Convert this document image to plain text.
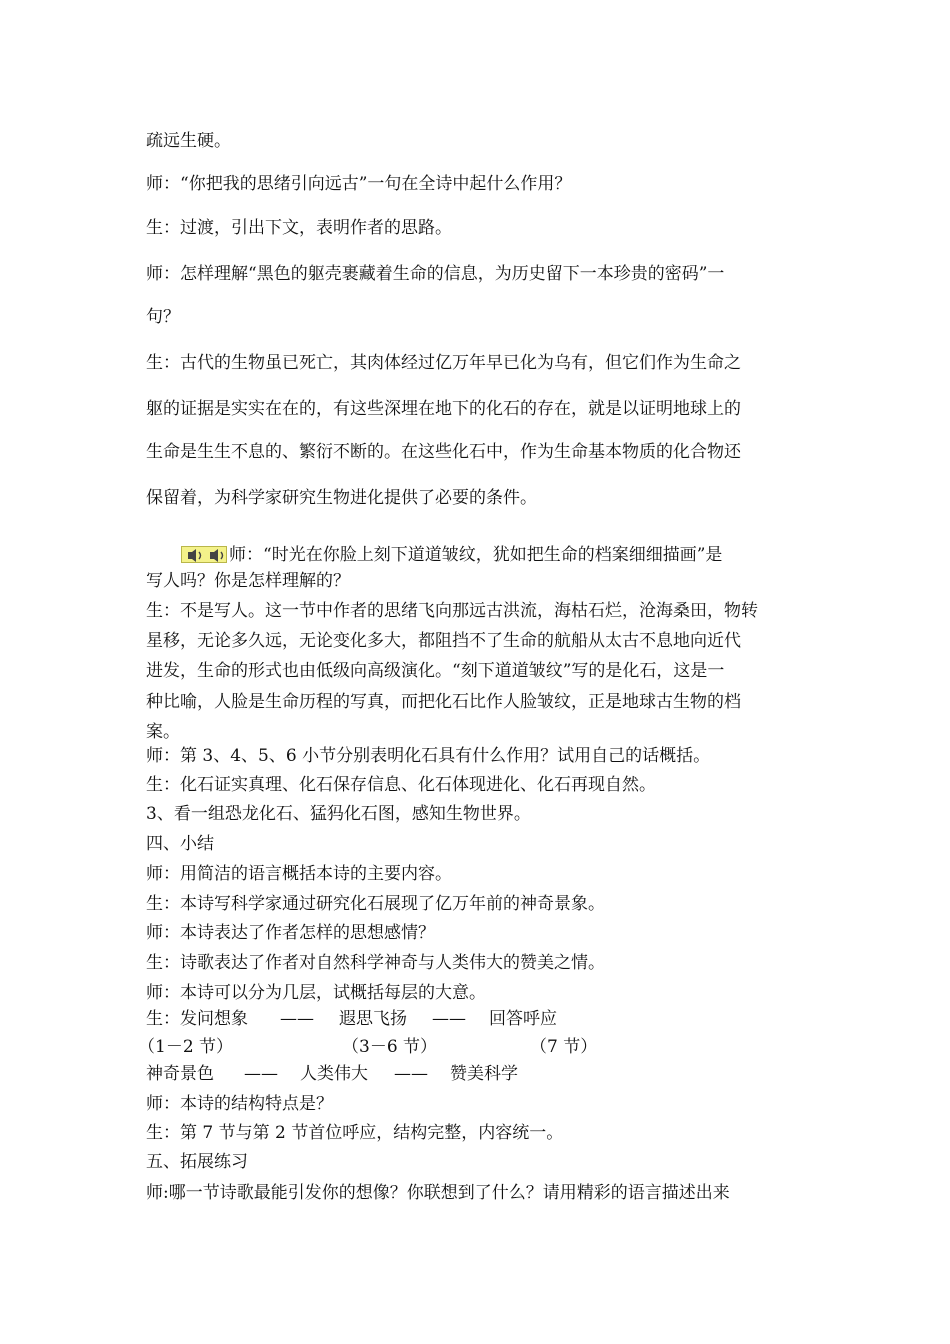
疏远生硬。
师：“你把我的思绪引向远古”一句在全诗中起什么作用？
生：过渡，引出下文，表明作者的思路。
师：怎样理解“黑色的躯壳裹藏着生命的信息，为历史留下一本珍贵的密码”一
句？
生：古代的生物虽已死亡，其肉体经过亿万年早已化为乌有，但它们作为生命之
躯的证据是实实在在的，有这些深埋在地下的化石的存在，就是以证明地球上的
生命是生生不息的、繁衍不断的。在这些化石中，作为生命基本物质的化合物还
保留着，为科学家研究生物进化提供了必要的条件。
师：“时光在你脸上刻下道道皱纹，犹如把生命的档案细细描画”是
写人吗？你是怎样理解的？
生：不是写人。这一节中作者的思绪飞向那远古洪流，海枯石烂，沧海桑田，物转
星移，无论多久远，无论变化多大，都阻挡不了生命的航船从太古不息地向近代
进发，生命的形式也由低级向高级演化。“刻下道道皱纹”写的是化石，这是一
种比喻，人脸是生命历程的写真，而把化石比作人脸皱纹，正是地球古生物的档
案。
师：第 3、4、5、6 小节分别表明化石具有什么作用？试用自己的话概括。
生：化石证实真理、化石保存信息、化石体现进化、化石再现自然。
3、看一组恐龙化石、猛犸化石图，感知生物世界。
四、小结
师：用简洁的语言概括本诗的主要内容。
生：本诗写科学家通过研究化石展现了亿万年前的神奇景象。
师：本诗表达了作者怎样的思想感情？
生：诗歌表达了作者对自然科学神奇与人类伟大的赞美之情。
师：本诗可以分为几层，试概括每层的大意。
生：发问想象 —— 遐思飞扬 —— 回答呼应
（1－2 节）	（3－6 节）	（7 节）
神奇景色 —— 人类伟大 —— 赞美科学
师：本诗的结构特点是？
生：第 7 节与第 2 节首位呼应，结构完整，内容统一。
五、拓展练习
师:哪一节诗歌最能引发你的想像？你联想到了什么？请用精彩的语言描述出来
